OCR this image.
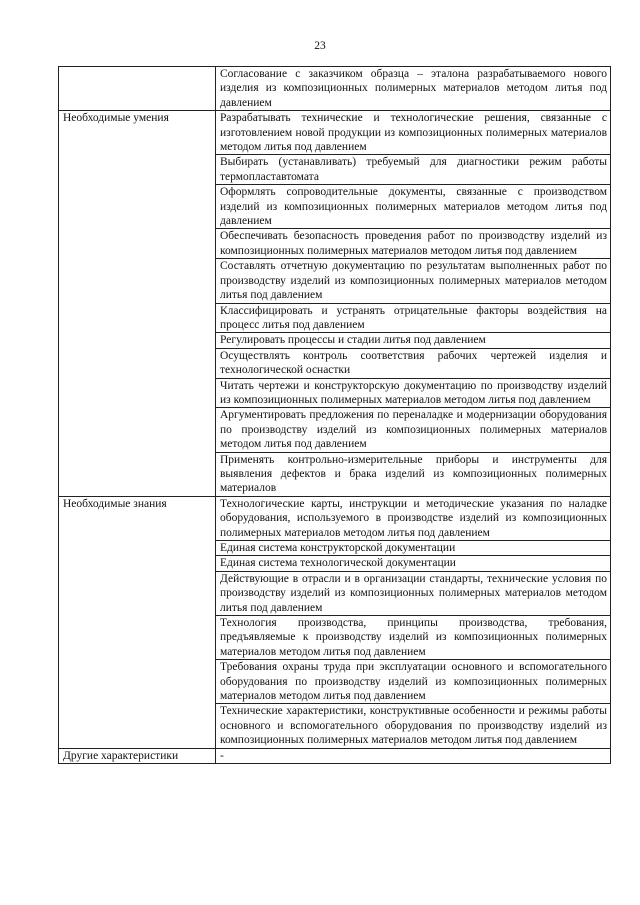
23
	Согласование с заказчиком образца – эталона разрабатываемого нового изделия из композиционных полимерных материалов методом литья под давлением
Необходимые умения	Разрабатывать технические и технологические решения, связанные с изготовлением новой продукции из композиционных полимерных материалов методом литья под давлением
	Выбирать (устанавливать) требуемый для диагностики режим работы термопластавтомата
	Оформлять сопроводительные документы, связанные с производством изделий из композиционных полимерных материалов методом литья под давлением
	Обеспечивать безопасность проведения работ по производству изделий из композиционных полимерных материалов методом литья под давлением
	Составлять отчетную документацию по результатам выполненных работ по производству изделий из композиционных полимерных материалов методом литья под давлением
	Классифицировать и устранять отрицательные факторы воздействия на процесс литья под давлением
	Регулировать процессы и стадии литья под давлением
	Осуществлять контроль соответствия рабочих чертежей изделия и технологической оснастки
	Читать чертежи и конструкторскую документацию по производству изделий из композиционных полимерных материалов методом литья под давлением
	Аргументировать предложения по переналадке и модернизации оборудования по производству изделий из композиционных полимерных материалов методом литья под давлением
	Применять контрольно-измерительные приборы и инструменты для выявления дефектов и брака изделий из композиционных полимерных материалов
Необходимые знания	Технологические карты, инструкции и методические указания по наладке оборудования, используемого в производстве изделий из композиционных полимерных материалов методом литья под давлением
	Единая система конструкторской документации
	Единая система технологической документации
	Действующие в отрасли и в организации стандарты, технические условия по производству изделий из композиционных полимерных материалов методом литья под давлением
	Технология производства, принципы производства, требования, предъявляемые к производству изделий из композиционных полимерных материалов методом литья под давлением
	Требования охраны труда при эксплуатации основного и вспомогательного оборудования по производству изделий из композиционных полимерных материалов методом литья под давлением
	Технические характеристики, конструктивные особенности и режимы работы основного и вспомогательного оборудования по производству изделий из композиционных полимерных материалов методом литья под давлением
Другие характеристики	-
